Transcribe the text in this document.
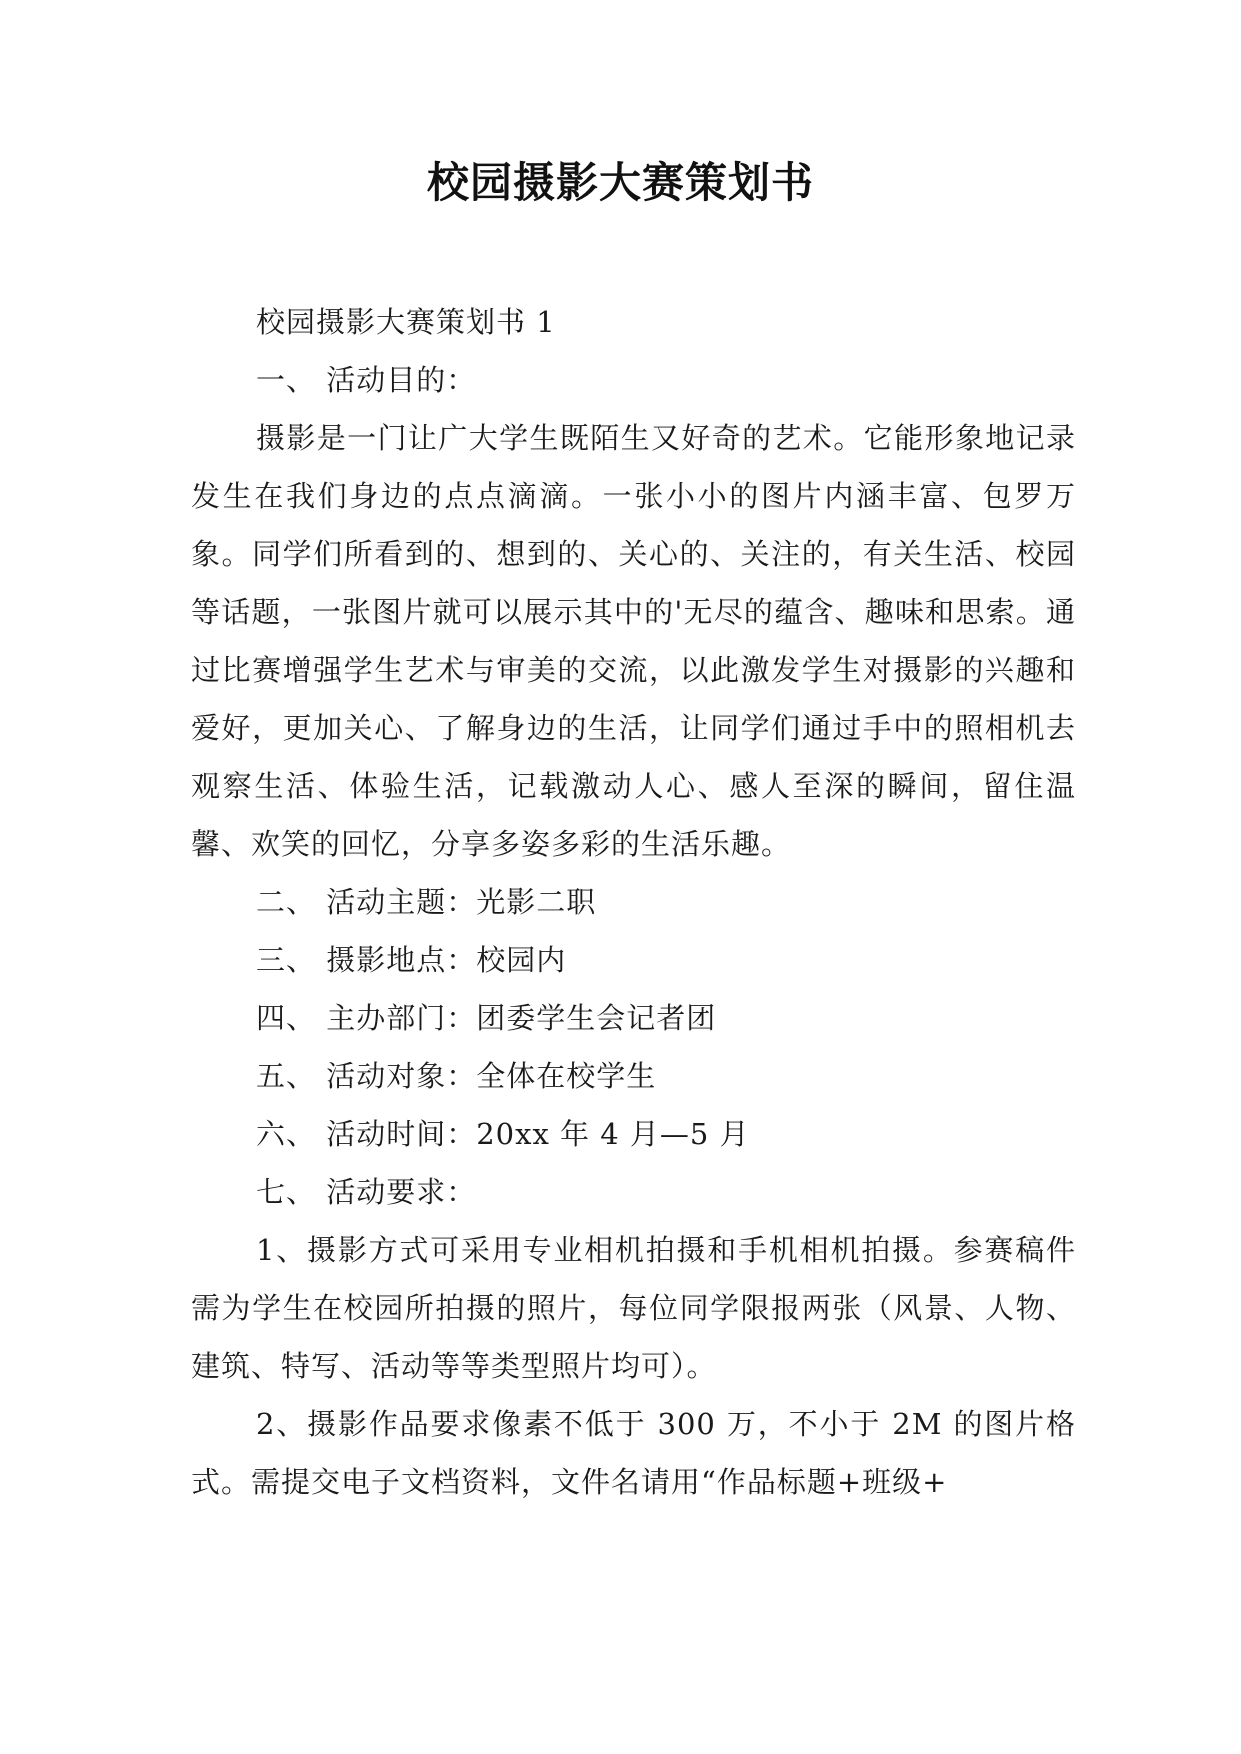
校园摄影大赛策划书

校园摄影大赛策划书 1

一、 活动目的：

摄影是一门让广大学生既陌生又好奇的艺术。它能形象地记录发生在我们身边的点点滴滴。一张小小的图片内涵丰富、包罗万象。同学们所看到的、想到的、关心的、关注的，有关生活、校园等话题，一张图片就可以展示其中的'无尽的蕴含、趣味和思索。通过比赛增强学生艺术与审美的交流，以此激发学生对摄影的兴趣和爱好，更加关心、了解身边的生活，让同学们通过手中的照相机去观察生活、体验生活，记载激动人心、感人至深的瞬间，留住温馨、欢笑的回忆，分享多姿多彩的生活乐趣。

二、 活动主题：光影二职

三、 摄影地点：校园内

四、 主办部门：团委学生会记者团

五、 活动对象：全体在校学生

六、 活动时间：20xx 年 4 月—5 月

七、 活动要求：

1、摄影方式可采用专业相机拍摄和手机相机拍摄。参赛稿件需为学生在校园所拍摄的照片，每位同学限报两张（风景、人物、建筑、特写、活动等等类型照片均可）。

2、摄影作品要求像素不低于 300 万，不小于 2M 的图片格式。需提交电子文档资料，文件名请用“作品标题+班级+
